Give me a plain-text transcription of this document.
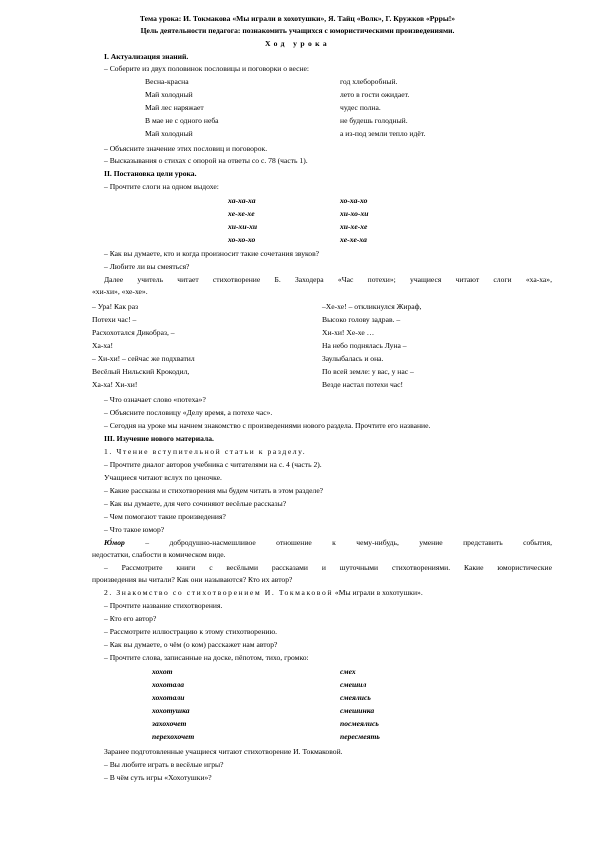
Тема урока: И. Токмакова «Мы играли в хохотушки», Я. Тайц «Волк», Г. Кружков «Ррры!»
Цель деятельности педагога: познакомить учащихся с юмористическими произведениями.
Ход урока
I. Актуализация знаний.
– Соберите из двух половинок пословицы и поговорки о весне:
Весна-красна	год хлеборобный.
Май холодный	лето в гости ожидает.
Май лес наряжает	чудес полна.
В мае не с одного неба	не будешь голодный.
Май холодный	а из-под земли тепло идёт.
– Объясните значение этих пословиц и поговорок.
– Высказывания о стихах с опорой на ответы со с. 78 (часть 1).
II. Постановка цели урока.
– Прочтите слоги на одном выдохе:
ха-ха-ха	хо-ха-хо
хе-хе-хе	хи-хо-хи
хи-хи-хи	хи-хе-хе
хо-хо-хо	хе-хе-ха
– Как вы думаете, кто и когда произносит такие сочетания звуков?
– Любите ли вы смеяться?
Далее учитель читает стихотворение Б. Заходера «Час потехи»; учащиеся читают слоги «ха-ха»,
«хи-хи», «хе-хе».
– Ура! Как раз	–Хе-хе! – откликнулся Жираф,
Потехи час! –	Высоко голову задрав. –
Расхохотался Дикобраз, –	Хи-хи! Хе-хе …
Ха-ха!	На небо поднялась Луна –
– Хи-хи! – сейчас же подхватил	Заулыбалась и она.
Весёлый Нильский Крокодил,	По всей земле: у вас, у нас –
Ха-ха! Хи-хи!	Везде настал потехи час!
– Что означает слово «потеха»?
– Объясните пословицу «Делу время, а потехе час».
– Сегодня на уроке мы начнем знакомство с произведениями нового раздела. Прочтите его название.
III. Изучение нового материала.
1. Чтение вступительной статьи к разделу.
– Прочтите диалог авторов учебника с читателями на с. 4 (часть 2).
Учащиеся читают вслух по ценочке.
– Какие рассказы и стихотворения мы будем читать в этом разделе?
– Как вы думаете, для чего сочиняют весёлые рассказы?
– Чем помогают такие произведения?
– Что такое юмор?
Ю́мор – добродушно-насмешливое отношение к чему-нибудь, умение представить события,
недостатки, слабости в комическом виде.
– Рассмотрите книги с весёлыми рассказами и шуточными стихотворениями. Какие юмористические
произведения вы читали? Как они называются? Кто их автор?
2. Знакомство со стихотворением И. Токмаковой «Мы играли в хохотушки».
– Прочтите название стихотворения.
– Кто его автор?
– Рассмотрите иллюстрацию к этому стихотворению.
– Как вы думаете, о чём (о ком) расскажет нам автор?
– Прочтите слова, записанные на доске, пёпотом, тихо, громко:
хохот	смех
хохотала	смешил
хохотали	смеялись
хохотушка	смешинка
захохочет	посмеялись
перехохочет	пересмеять
Заранее подготовленные учащиеся читают стихотворение И. Токмаковой.
– Вы любите играть в весёлые игры?
– В чём суть игры «Хохотушки»?
